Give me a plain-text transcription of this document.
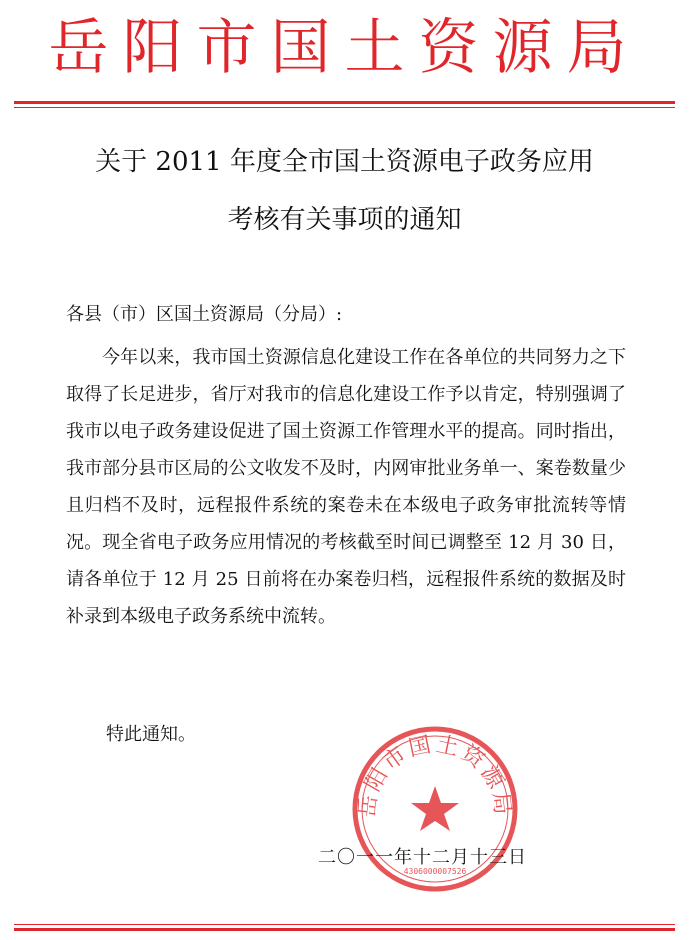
岳阳市国土资源局
关于 2011 年度全市国土资源电子政务应用
考核有关事项的通知
各县（市）区国土资源局（分局）:
今年以来，我市国土资源信息化建设工作在各单位的共同努力之下取得了长足进步，省厅对我市的信息化建设工作予以肯定，特别强调了我市以电子政务建设促进了国土资源工作管理水平的提高。同时指出，我市部分县市区局的公文收发不及时，内网审批业务单一、案卷数量少且归档不及时，远程报件系统的案卷未在本级电子政务审批流转等情况。现全省电子政务应用情况的考核截至时间已调整至 12 月 30 日，请各单位于 12 月 25 日前将在办案卷归档，远程报件系统的数据及时补录到本级电子政务系统中流转。
特此通知。
岳阳市国土资源局
4306000007526
二〇一一年十二月十三日
